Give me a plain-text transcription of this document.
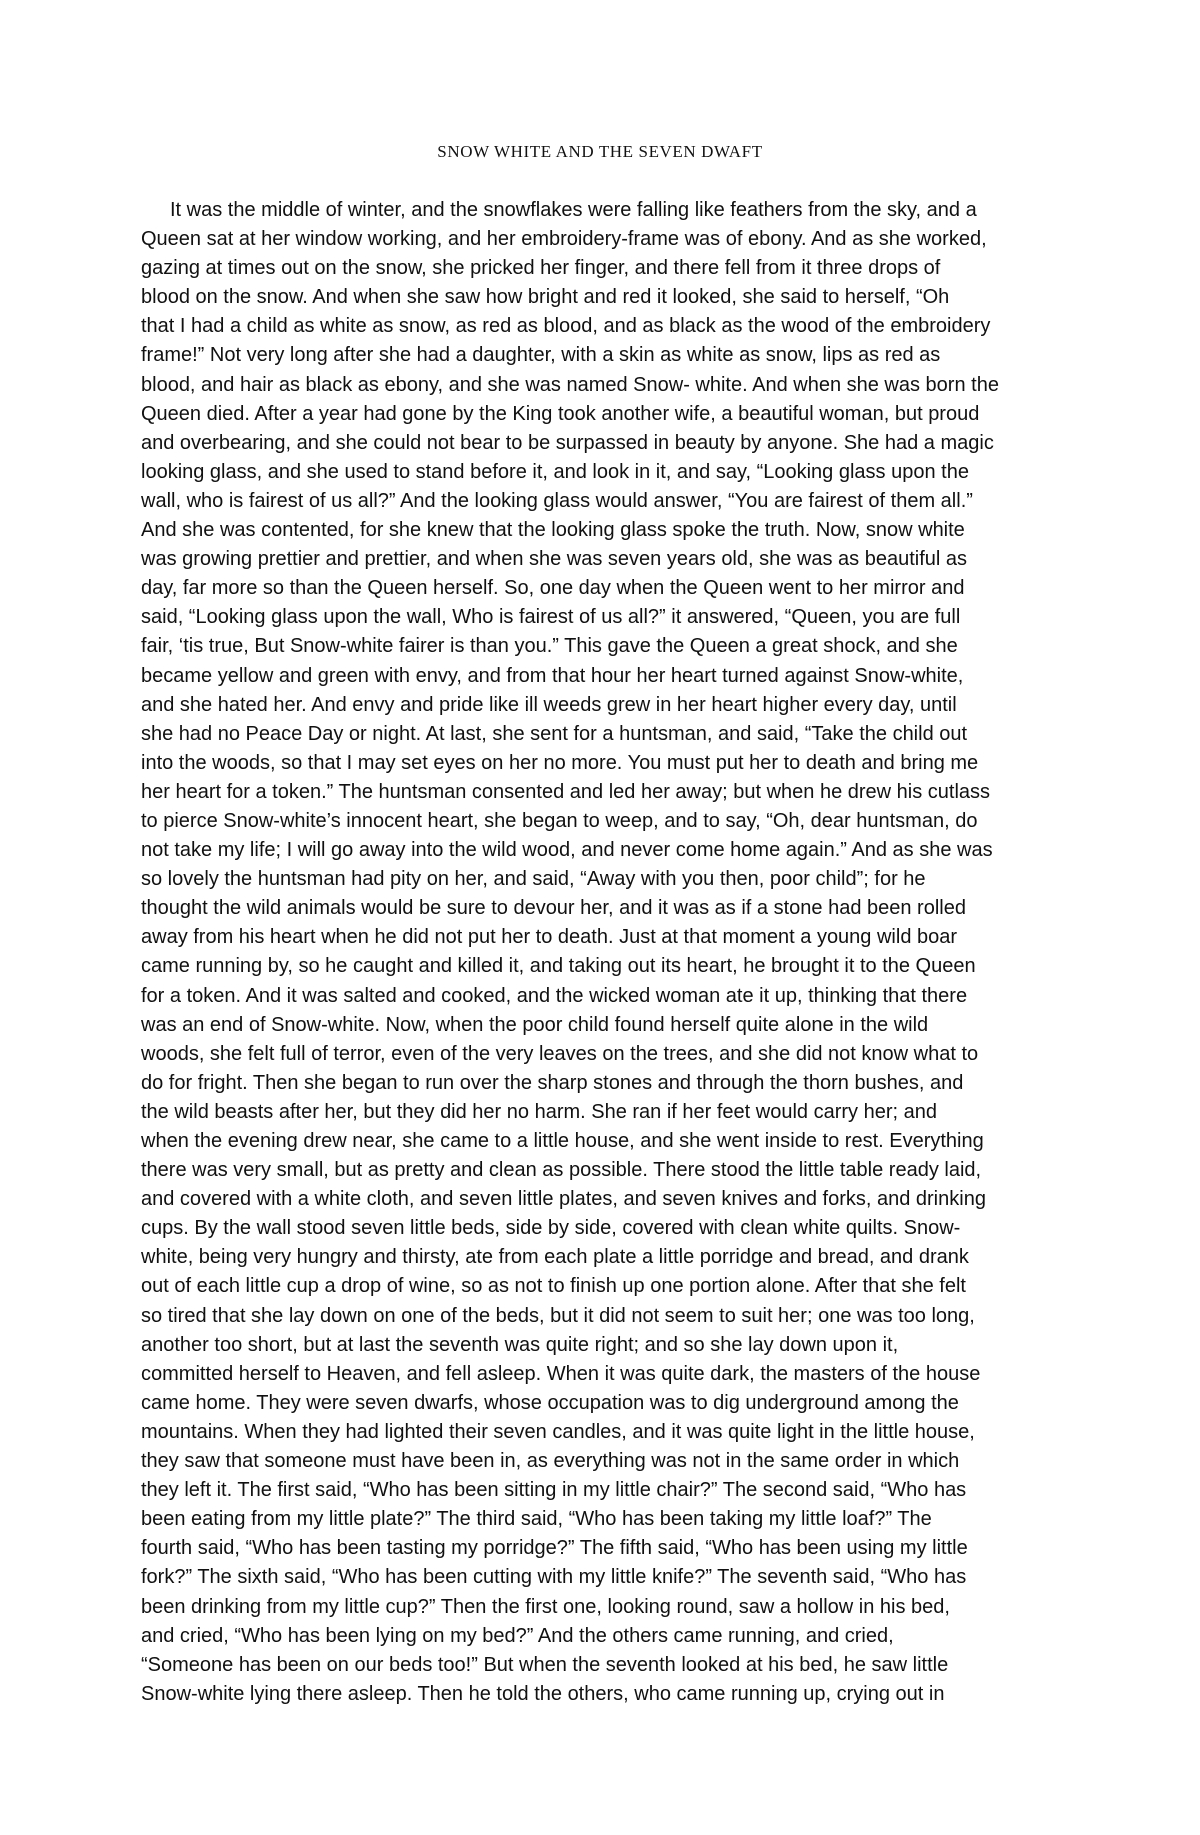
SNOW WHITE AND THE SEVEN DWAFT
It was the middle of winter, and the snowflakes were falling like feathers from the sky, and a
Queen sat at her window working, and her embroidery-frame was of ebony. And as she worked,
gazing at times out on the snow, she pricked her finger, and there fell from it three drops of
blood on the snow. And when she saw how bright and red it looked, she said to herself, “Oh
that I had a child as white as snow, as red as blood, and as black as the wood of the embroidery
frame!” Not very long after she had a daughter, with a skin as white as snow, lips as red as
blood, and hair as black as ebony, and she was named Snow- white. And when she was born the
Queen died. After a year had gone by the King took another wife, a beautiful woman, but proud
and overbearing, and she could not bear to be surpassed in beauty by anyone. She had a magic
looking glass, and she used to stand before it, and look in it, and say, “Looking glass upon the
wall, who is fairest of us all?” And the looking glass would answer, “You are fairest of them all.”
And she was contented, for she knew that the looking glass spoke the truth. Now, snow white
was growing prettier and prettier, and when she was seven years old, she was as beautiful as
day, far more so than the Queen herself. So, one day when the Queen went to her mirror and
said, “Looking glass upon the wall, Who is fairest of us all?” it answered, “Queen, you are full
fair, ‘tis true, But Snow-white fairer is than you.” This gave the Queen a great shock, and she
became yellow and green with envy, and from that hour her heart turned against Snow-white,
and she hated her. And envy and pride like ill weeds grew in her heart higher every day, until
she had no Peace Day or night. At last, she sent for a huntsman, and said, “Take the child out
into the woods, so that I may set eyes on her no more. You must put her to death and bring me
her heart for a token.” The huntsman consented and led her away; but when he drew his cutlass
to pierce Snow-white’s innocent heart, she began to weep, and to say, “Oh, dear huntsman, do
not take my life; I will go away into the wild wood, and never come home again.” And as she was
so lovely the huntsman had pity on her, and said, “Away with you then, poor child”; for he
thought the wild animals would be sure to devour her, and it was as if a stone had been rolled
away from his heart when he did not put her to death. Just at that moment a young wild boar
came running by, so he caught and killed it, and taking out its heart, he brought it to the Queen
for a token. And it was salted and cooked, and the wicked woman ate it up, thinking that there
was an end of Snow-white. Now, when the poor child found herself quite alone in the wild
woods, she felt full of terror, even of the very leaves on the trees, and she did not know what to
do for fright. Then she began to run over the sharp stones and through the thorn bushes, and
the wild beasts after her, but they did her no harm. She ran if her feet would carry her; and
when the evening drew near, she came to a little house, and she went inside to rest. Everything
there was very small, but as pretty and clean as possible. There stood the little table ready laid,
and covered with a white cloth, and seven little plates, and seven knives and forks, and drinking
cups. By the wall stood seven little beds, side by side, covered with clean white quilts. Snow-
white, being very hungry and thirsty, ate from each plate a little porridge and bread, and drank
out of each little cup a drop of wine, so as not to finish up one portion alone. After that she felt
so tired that she lay down on one of the beds, but it did not seem to suit her; one was too long,
another too short, but at last the seventh was quite right; and so she lay down upon it,
committed herself to Heaven, and fell asleep. When it was quite dark, the masters of the house
came home. They were seven dwarfs, whose occupation was to dig underground among the
mountains. When they had lighted their seven candles, and it was quite light in the little house,
they saw that someone must have been in, as everything was not in the same order in which
they left it. The first said, “Who has been sitting in my little chair?” The second said, “Who has
been eating from my little plate?” The third said, “Who has been taking my little loaf?” The
fourth said, “Who has been tasting my porridge?” The fifth said, “Who has been using my little
fork?” The sixth said, “Who has been cutting with my little knife?” The seventh said, “Who has
been drinking from my little cup?” Then the first one, looking round, saw a hollow in his bed,
and cried, “Who has been lying on my bed?” And the others came running, and cried,
“Someone has been on our beds too!” But when the seventh looked at his bed, he saw little
Snow-white lying there asleep. Then he told the others, who came running up, crying out in
